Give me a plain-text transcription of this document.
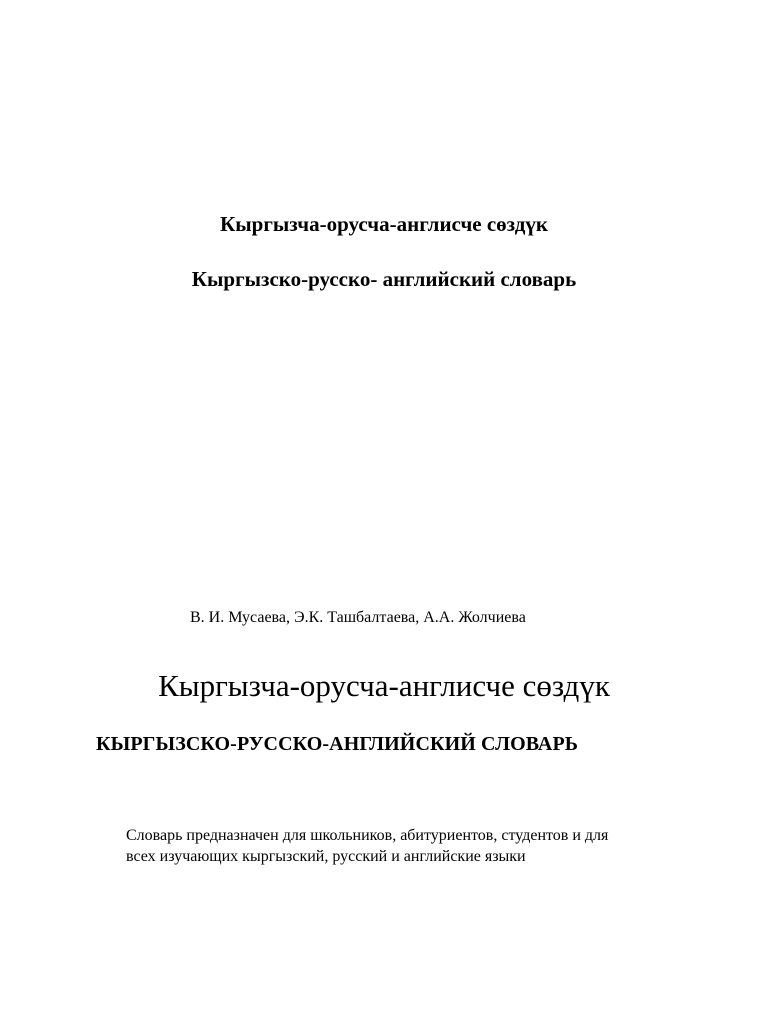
Кыргызча-орусча-англисче сөздүк
Кыргызско-русско- английский словарь

В. И. Мусаева, Э.К. Ташбалтаева, А.А. Жолчиева

Кыргызча-орусча-англисче сөздүк
КЫРГЫЗСКО-РУССКО-АНГЛИЙСКИЙ СЛОВАРЬ

Словарь предназначен для школьников, абитуриентов, студентов и для
всех изучающих кыргызский, русский и английские языки
